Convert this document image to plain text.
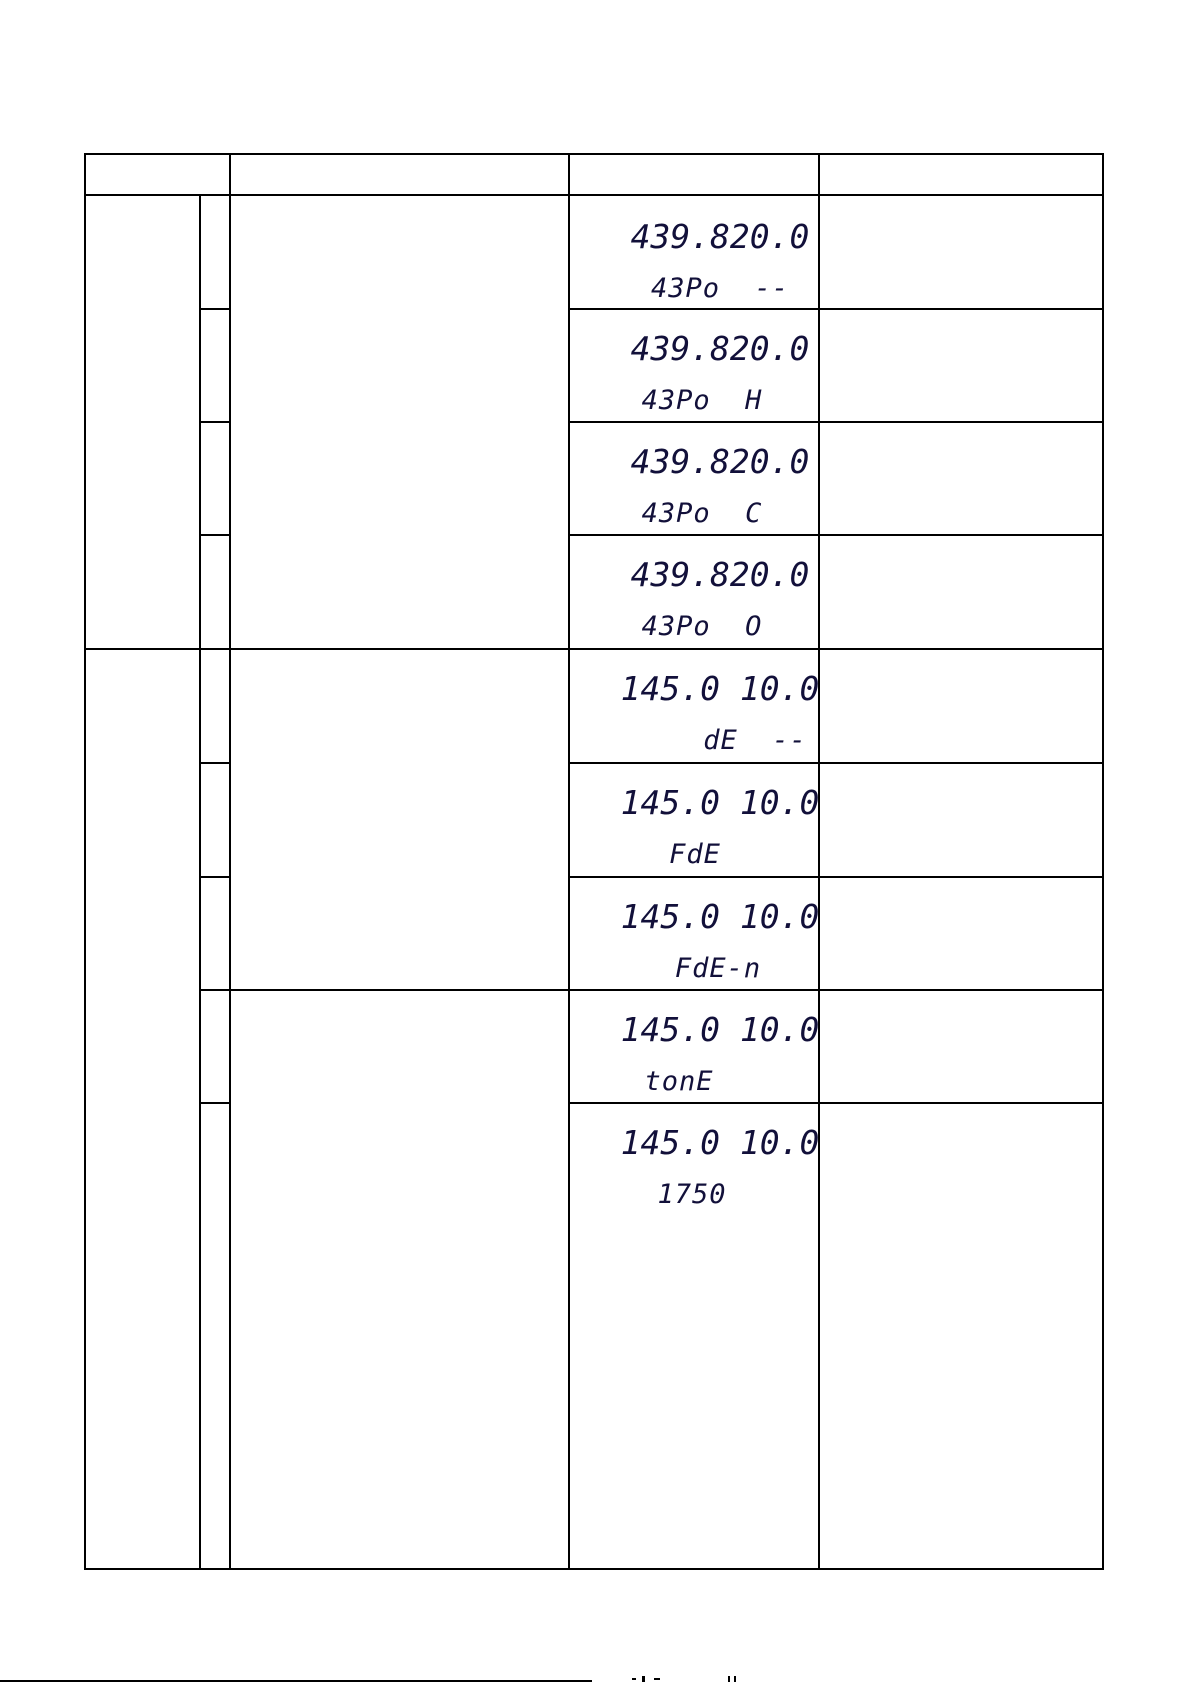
439.820.0
43Po  --
439.820.0
43Po  H
439.820.0
43Po  C
439.820.0
43Po  O
145.0 10.0
dE  --
145.0 10.0
FdE
145.0 10.0
FdE-n
145.0 10.0
tonE
145.0 10.0
1750
